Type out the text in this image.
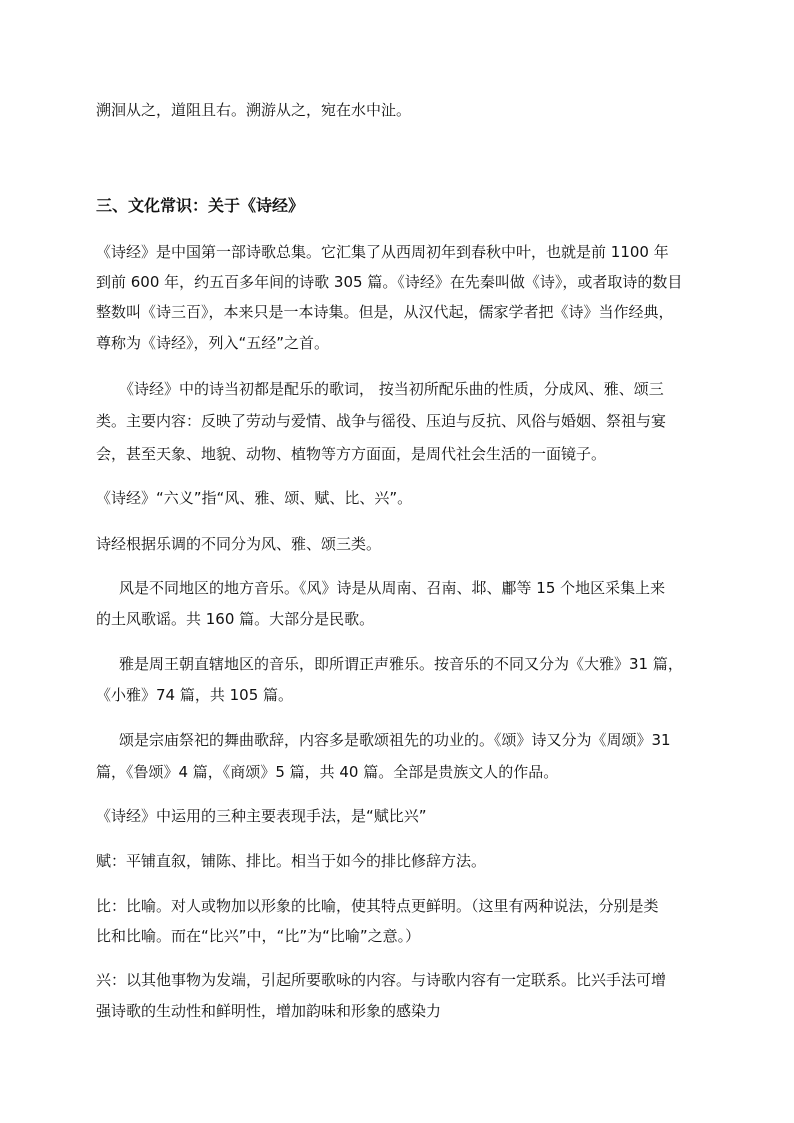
溯洄从之，道阻且右。溯游从之，宛在水中沚。
三、文化常识：关于《诗经》
《诗经》是中国第一部诗歌总集。它汇集了从西周初年到春秋中叶，也就是前 1100 年
到前 600 年，约五百多年间的诗歌 305 篇。《诗经》在先秦叫做《诗》，或者取诗的数目
整数叫《诗三百》，本来只是一本诗集。但是，从汉代起，儒家学者把《诗》当作经典，
尊称为《诗经》，列入“五经”之首。
《诗经》中的诗当初都是配乐的歌词， 按当初所配乐曲的性质，分成风、雅、颂三
类。主要内容：反映了劳动与爱情、战争与徭役、压迫与反抗、风俗与婚姻、祭祖与宴
会，甚至天象、地貌、动物、植物等方方面面，是周代社会生活的一面镜子。
《诗经》“六义”指“风、雅、颂、赋、比、兴”。
诗经根据乐调的不同分为风、雅、颂三类。
风是不同地区的地方音乐。《风》诗是从周南、召南、邶、鄘等 15 个地区采集上来
的土风歌谣。共 160 篇。大部分是民歌。
雅是周王朝直辖地区的音乐，即所谓正声雅乐。按音乐的不同又分为《大雅》31 篇，
《小雅》74 篇，共 105 篇。
颂是宗庙祭祀的舞曲歌辞，内容多是歌颂祖先的功业的。《颂》诗又分为《周颂》31
篇，《鲁颂》4 篇，《商颂》5 篇，共 40 篇。全部是贵族文人的作品。
《诗经》中运用的三种主要表现手法，是“赋比兴”
赋：平铺直叙，铺陈、排比。相当于如今的排比修辞方法。
比：比喻。对人或物加以形象的比喻，使其特点更鲜明。（这里有两种说法，分别是类
比和比喻。而在“比兴”中，“比”为“比喻”之意。）
兴：以其他事物为发端，引起所要歌咏的内容。与诗歌内容有一定联系。比兴手法可增
强诗歌的生动性和鲜明性，增加韵味和形象的感染力
